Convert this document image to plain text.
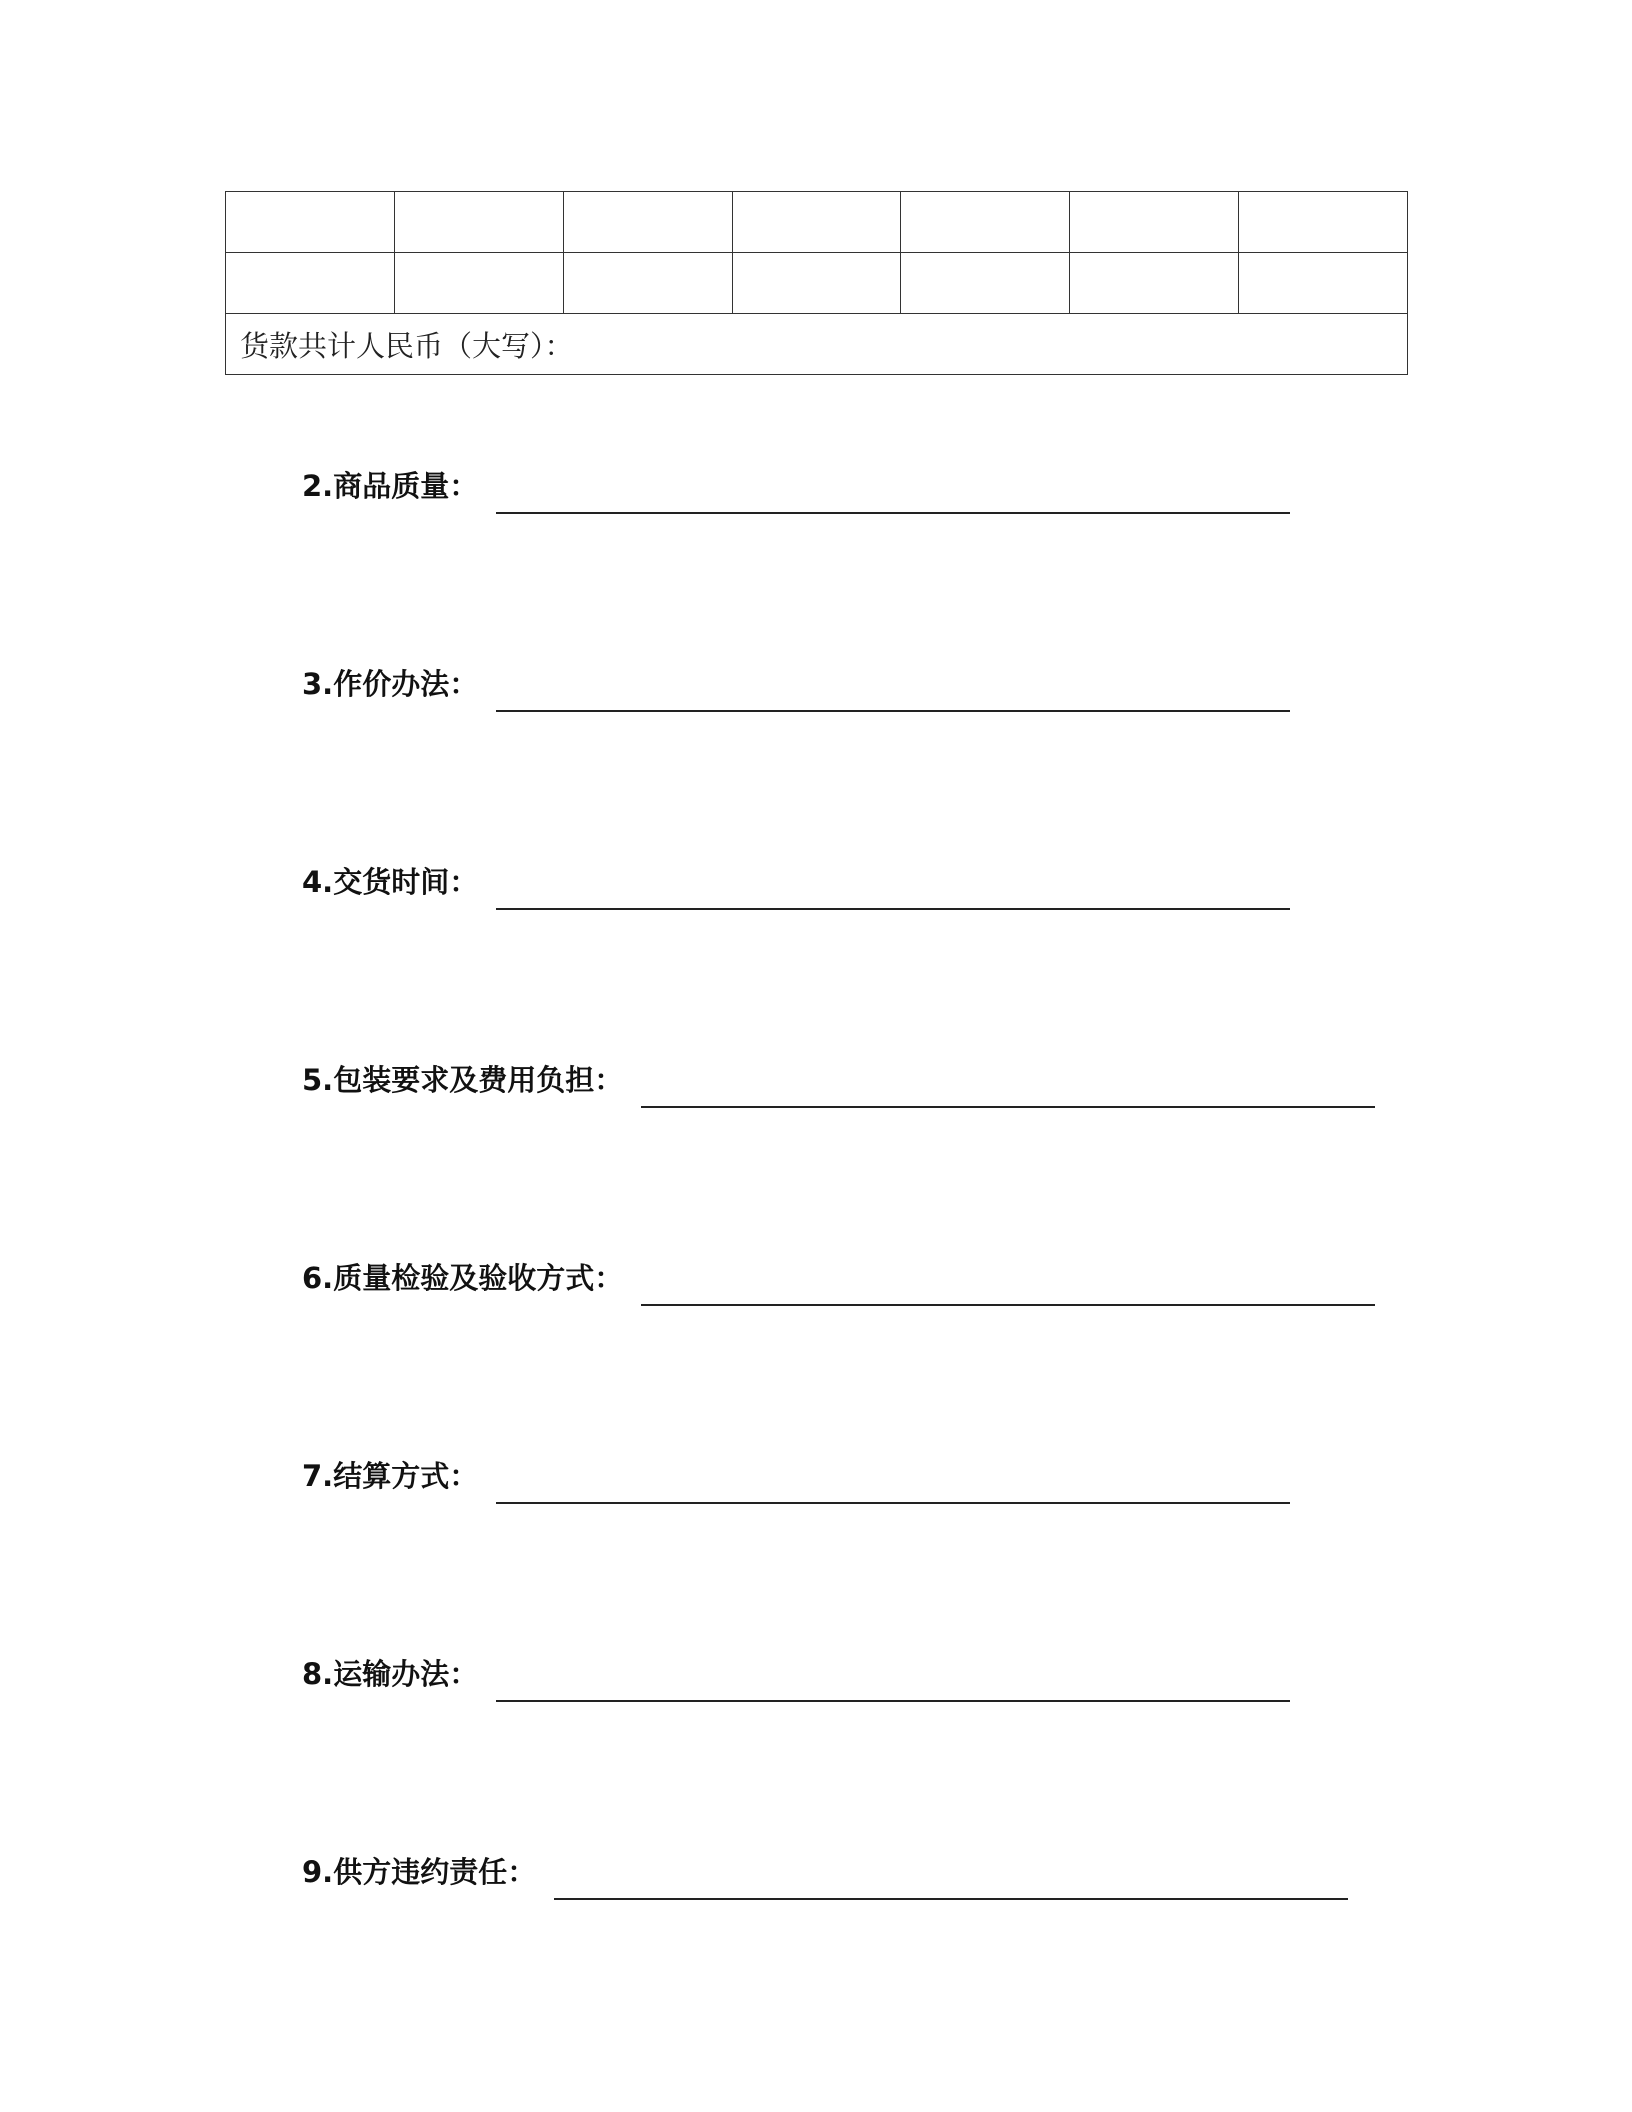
货款共计人民币（大写）：						
2.商品质量：
3.作价办法：
4.交货时间：
5.包装要求及费用负担：
6.质量检验及验收方式：
7.结算方式：
8.运输办法：
9.供方违约责任：
